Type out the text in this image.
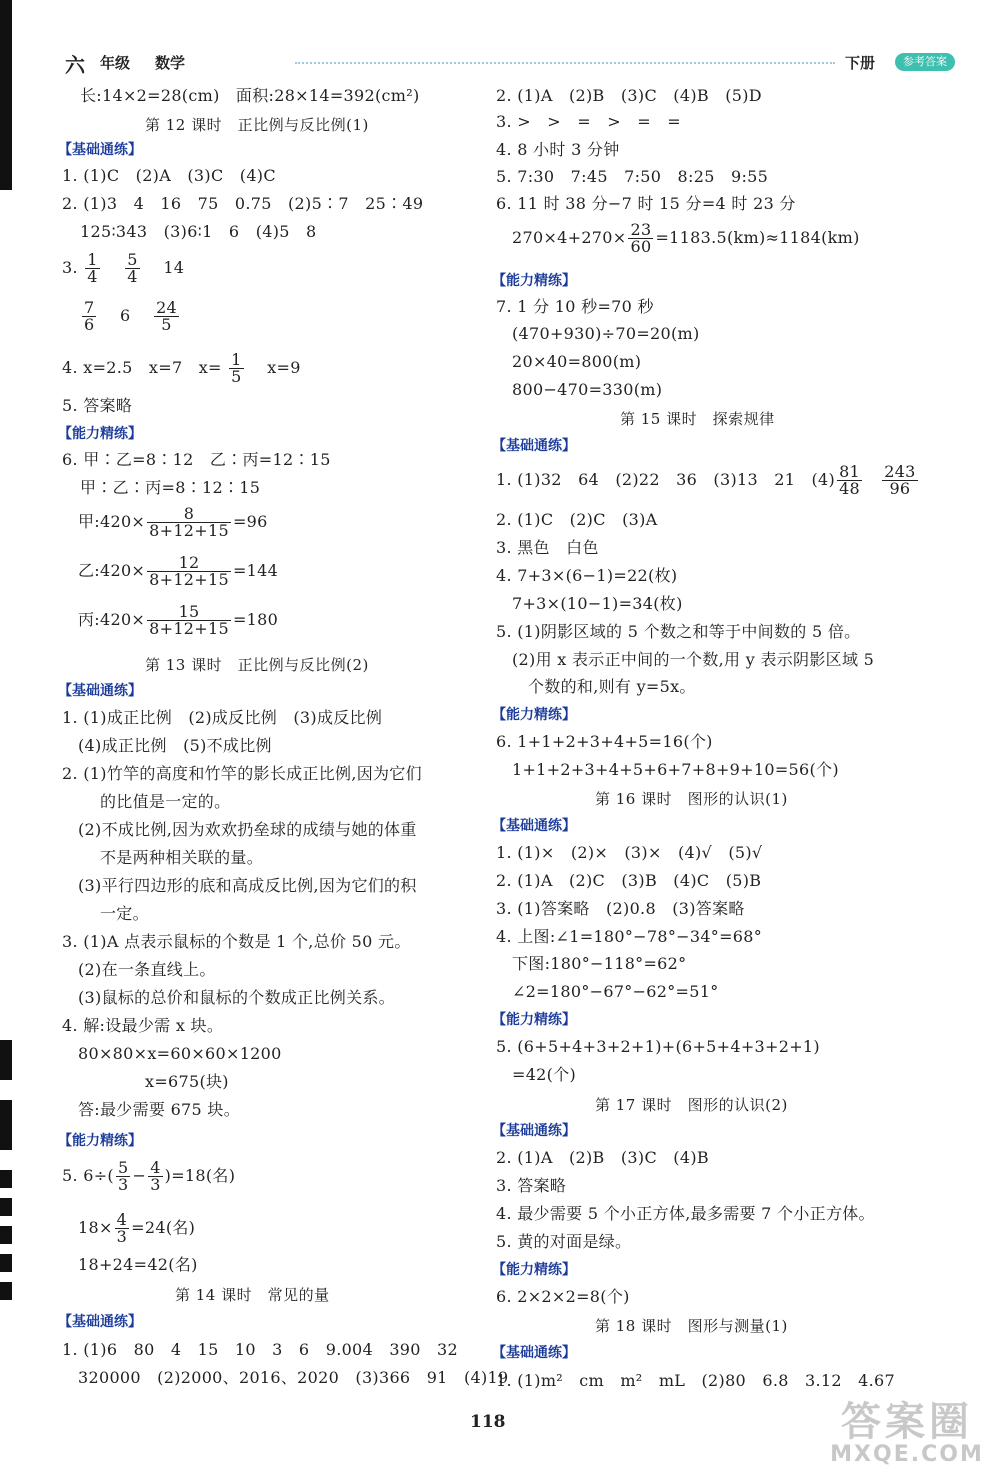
六 年级 数学	下册	参考答案
长:14×2=28(cm)　面积:28×14=392(cm²)
第 12 课时　正比例与反比例(1)
【基础通练】
1. (1)C　(2)A　(3)C　(4)C
2. (1)3　4　16　75　0.75　(2)5∶7　25∶49
125∶343　(3)6∶1　6　(4)5　8
3. $\frac{1}{4}$
$\frac{5}{4} 14$
$\frac{7}{6} 6 \frac{24}{5}$
4. x=2.5　x=7　$x= \frac{1}{5} x=9$
5. 答案略
【能力精练】
6. 甲∶乙=8∶12　乙∶丙=12∶15
甲∶乙∶丙=8∶12∶15
甲:420× $\frac{8}{8+12+15} =96$
乙:420× $\frac{12}{8+12+15} =144$
丙:420× $\frac{15}{8+12+15} =180$
第 13 课时　正比例与反比例(2)
【基础通练】
1. (1)成正比例　(2)成反比例　(3)成反比例
(4)成正比例　(5)不成比例
2. (1)竹竿的高度和竹竿的影长成正比例,因为它们
的比值是一定的。
(2)不成比例,因为欢欢扔垒球的成绩与她的体重
不是两种相关联的量。
(3)平行四边形的底和高成反比例,因为它们的积
一定。
3. (1)A 点表示鼠标的个数是 1 个,总价 50 元。
(2)在一条直线上。
(3)鼠标的总价和鼠标的个数成正比例关系。
4. 解:设最少需 x 块。
80×80×x=60×60×1200
x=675(块)
答:最少需要 675 块。
【能力精练】
5. $6\div( \frac{5}{3} - \frac{4}{3} )=18$(名)
$18\times \frac{4}{3} =24$(名)
18+24=42(名)
第 14 课时　常见的量
【基础通练】
1. (1)6　80　4　15　10　3　6　9.004　390　32
320000　(2)2000、2016、2020　(3)366　91　(4)19
2. (1)A　(2)B　(3)C　(4)B　(5)D
3. >　>　=　>　=　=
4. 8 小时 3 分钟
5. 7:30　7:45　7:50　8:25　9:55
6. 11 时 38 分−7 时 15 分=4 时 23 分
$270\times 4+270\times \frac{23}{60} =1183.5(km)\approx 1184(km)$
【能力精练】
7. 1 分 10 秒=70 秒
(470+930)÷70=20(m)
20×40=800(m)
800−470=330(m)
第 15 课时　探索规律
【基础通练】
1. (1)32　64　(2)22　36　(3)13　21　$(4) \frac{81}{48}$
$\frac{243}{96}$
2. (1)C　(2)C　(3)A
3. 黑色　白色
4. 7+3×(6−1)=22(枚)
7+3×(10−1)=34(枚)
5. (1)阴影区域的 5 个数之和等于中间数的 5 倍。
(2)用 x 表示正中间的一个数,用 y 表示阴影区域 5
个数的和,则有 y=5x。
【能力精练】
6. 1+1+2+3+4+5=16(个)
1+1+2+3+4+5+6+7+8+9+10=56(个)
第 16 课时　图形的认识(1)
【基础通练】
1. (1)×　(2)×　(3)×　(4)√　(5)√
2. (1)A　(2)C　(3)B　(4)C　(5)B
3. (1)答案略　(2)0.8　(3)答案略
4. 上图:∠1=180°−78°−34°=68°
下图:180°−118°=62°
∠2=180°−67°−62°=51°
【能力精练】
5. (6+5+4+3+2+1)+(6+5+4+3+2+1)
=42(个)
第 17 课时　图形的认识(2)
【基础通练】
2. (1)A　(2)B　(3)C　(4)B
3. 答案略
4. 最少需要 5 个小正方体,最多需要 7 个小正方体。
5. 黄的对面是绿。
【能力精练】
6. 2×2×2=8(个)
第 18 课时　图形与测量(1)
【基础通练】
1. (1)m²　cm　m²　mL　(2)80　6.8　3.12　4.67
118	答案圈
MXQE.COM
